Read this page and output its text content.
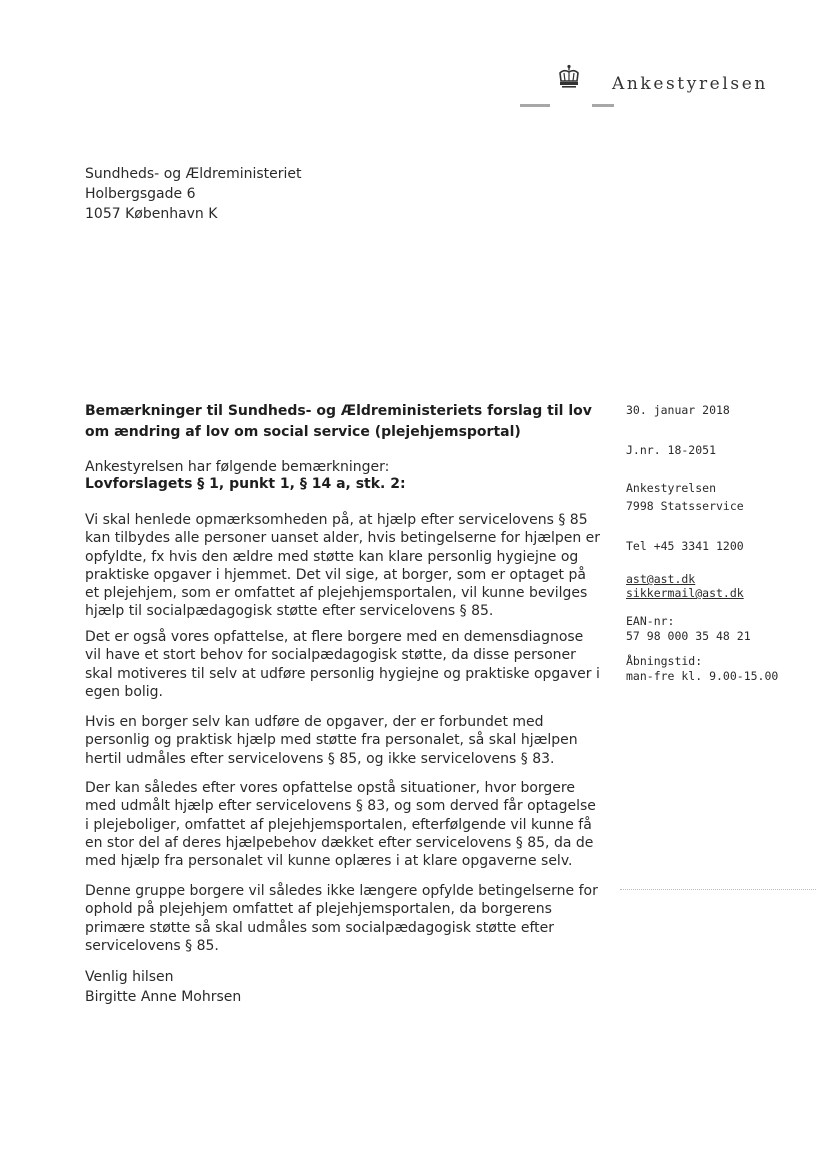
Ankestyrelsen
Sundheds- og Ældreministeriet
Holbergsgade 6
1057 København K
Bemærkninger til Sundheds- og Ældreministeriets forslag til lov
om ændring af lov om social service (plejehjemsportal)
Ankestyrelsen har følgende bemærkninger:
Lovforslagets § 1, punkt 1, § 14 a, stk. 2:
Vi skal henlede opmærksomheden på, at hjælp efter servicelovens § 85
kan tilbydes alle personer uanset alder, hvis betingelserne for hjælpen er
opfyldte, fx hvis den ældre med støtte kan klare personlig hygiejne og
praktiske opgaver i hjemmet. Det vil sige, at borger, som er optaget på
et plejehjem, som er omfattet af plejehjemsportalen, vil kunne bevilges
hjælp til socialpædagogisk støtte efter servicelovens § 85.
Det er også vores opfattelse, at flere borgere med en demensdiagnose
vil have et stort behov for socialpædagogisk støtte, da disse personer
skal motiveres til selv at udføre personlig hygiejne og praktiske opgaver i
egen bolig.
Hvis en borger selv kan udføre de opgaver, der er forbundet med
personlig og praktisk hjælp med støtte fra personalet, så skal hjælpen
hertil udmåles efter servicelovens § 85, og ikke servicelovens § 83.
Der kan således efter vores opfattelse opstå situationer, hvor borgere
med udmålt hjælp efter servicelovens § 83, og som derved får optagelse
i plejeboliger, omfattet af plejehjemsportalen, efterfølgende vil kunne få
en stor del af deres hjælpebehov dækket efter servicelovens § 85, da de
med hjælp fra personalet vil kunne oplæres i at klare opgaverne selv.
Denne gruppe borgere vil således ikke længere opfylde betingelserne for
ophold på plejehjem omfattet af plejehjemsportalen, da borgerens
primære støtte så skal udmåles som socialpædagogisk støtte efter
servicelovens § 85.
Venlig hilsen
Birgitte Anne Mohrsen
30. januar 2018
J.nr. 18-2051
Ankestyrelsen
7998 Statsservice
Tel +45 3341 1200
ast@ast.dk
sikkermail@ast.dk
EAN-nr:
57 98 000 35 48 21
Åbningstid:
man-fre kl. 9.00-15.00
